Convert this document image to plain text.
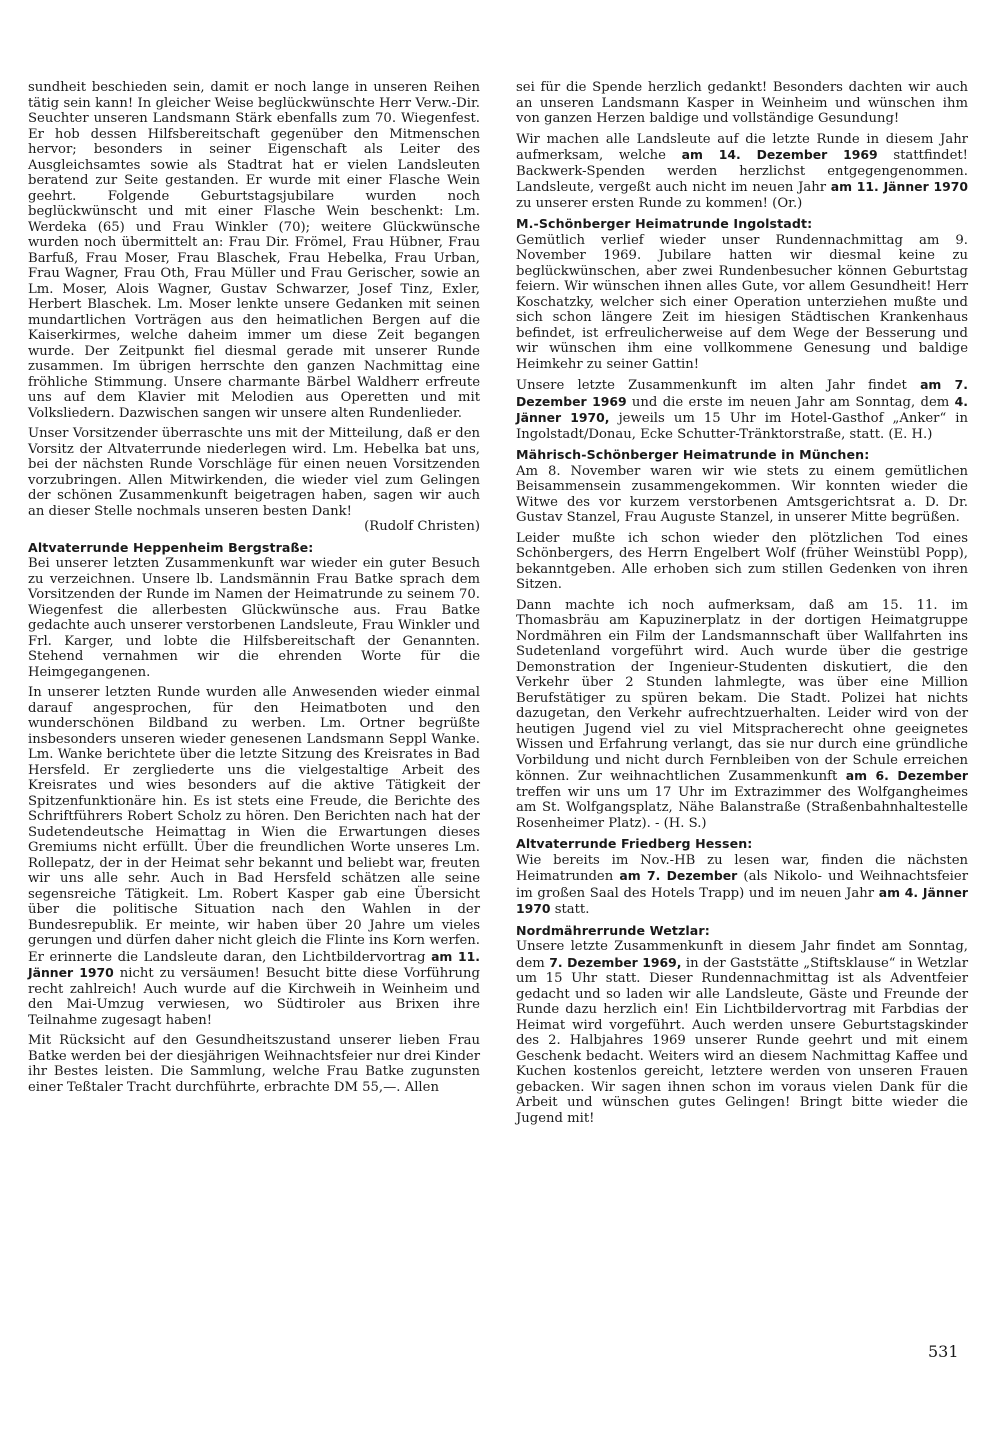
sundheit beschieden sein, damit er noch lange in unseren Reihen tätig sein kann! In gleicher Weise beglückwünschte Herr Verw.-Dir. Seuchter unseren Landsmann Stärk ebenfalls zum 70. Wiegenfest. Er hob dessen Hilfsbereitschaft gegenüber den Mitmenschen hervor; besonders in seiner Eigenschaft als Leiter des Ausgleichsamtes sowie als Stadtrat hat er vielen Landsleuten beratend zur Seite gestanden. Er wurde mit einer Flasche Wein geehrt. Folgende Geburtstagsjubilare wurden noch beglückwünscht und mit einer Flasche Wein beschenkt: Lm. Werdeka (65) und Frau Winkler (70); weitere Glückwünsche wurden noch übermittelt an: Frau Dir. Frömel, Frau Hübner, Frau Barfuß, Frau Moser, Frau Blaschek, Frau Hebelka, Frau Urban, Frau Wagner, Frau Oth, Frau Müller und Frau Gerischer, sowie an Lm. Moser, Alois Wagner, Gustav Schwarzer, Josef Tinz, Exler, Herbert Blaschek. Lm. Moser lenkte unsere Gedanken mit seinen mundartlichen Vorträgen aus den heimatlichen Bergen auf die Kaiserkirmes, welche daheim immer um diese Zeit begangen wurde. Der Zeitpunkt fiel diesmal gerade mit unserer Runde zusammen. Im übrigen herrschte den ganzen Nachmittag eine fröhliche Stimmung. Unsere charmante Bärbel Waldherr erfreute uns auf dem Klavier mit Melodien aus Operetten und mit Volksliedern. Dazwischen sangen wir unsere alten Rundenlieder.

Unser Vorsitzender überraschte uns mit der Mitteilung, daß er den Vorsitz der Altvaterrunde niederlegen wird. Lm. Hebelka bat uns, bei der nächsten Runde Vorschläge für einen neuen Vorsitzenden vorzubringen. Allen Mitwirkenden, die wieder viel zum Gelingen der schönen Zusammenkunft beigetragen haben, sagen wir auch an dieser Stelle nochmals unseren besten Dank!
(Rudolf Christen)

Altvaterrunde Heppenheim Bergstraße:

Bei unserer letzten Zusammenkunft war wieder ein guter Besuch zu verzeichnen. Unsere lb. Landsmännin Frau Batke sprach dem Vorsitzenden der Runde im Namen der Heimatrunde zu seinem 70. Wiegenfest die allerbesten Glückwünsche aus. Frau Batke gedachte auch unserer verstorbenen Landsleute, Frau Winkler und Frl. Karger, und lobte die Hilfsbereitschaft der Genannten. Stehend vernahmen wir die ehrenden Worte für die Heimgegangenen.

In unserer letzten Runde wurden alle Anwesenden wieder einmal darauf angesprochen, für den Heimatboten und den wunderschönen Bildband zu werben. Lm. Ortner begrüßte insbesonders unseren wieder genesenen Landsmann Seppl Wanke. Lm. Wanke berichtete über die letzte Sitzung des Kreisrates in Bad Hersfeld. Er zergliederte uns die vielgestaltige Arbeit des Kreisrates und wies besonders auf die aktive Tätigkeit der Spitzenfunktionäre hin. Es ist stets eine Freude, die Berichte des Schriftführers Robert Scholz zu hören. Den Berichten nach hat der Sudetendeutsche Heimattag in Wien die Erwartungen dieses Gremiums nicht erfüllt. Über die freundlichen Worte unseres Lm. Rollepatz, der in der Heimat sehr bekannt und beliebt war, freuten wir uns alle sehr. Auch in Bad Hersfeld schätzen alle seine segensreiche Tätigkeit. Lm. Robert Kasper gab eine Übersicht über die politische Situation nach den Wahlen in der Bundesrepublik. Er meinte, wir haben über 20 Jahre um vieles gerungen und dürfen daher nicht gleich die Flinte ins Korn werfen. Er erinnerte die Landsleute daran, den Lichtbildervortrag am 11. Jänner 1970 nicht zu versäumen! Besucht bitte diese Vorführung recht zahlreich! Auch wurde auf die Kirchweih in Weinheim und den Mai-Umzug verwiesen, wo Südtiroler aus Brixen ihre Teilnahme zugesagt haben!

Mit Rücksicht auf den Gesundheitszustand unserer lieben Frau Batke werden bei der diesjährigen Weihnachtsfeier nur drei Kinder ihr Bestes leisten. Die Sammlung, welche Frau Batke zugunsten einer Teßtaler Tracht durchführte, erbrachte DM 55,—. Allen

sei für die Spende herzlich gedankt! Besonders dachten wir auch an unseren Landsmann Kasper in Weinheim und wünschen ihm von ganzen Herzen baldige und vollständige Gesundung!

Wir machen alle Landsleute auf die letzte Runde in diesem Jahr aufmerksam, welche am 14. Dezember 1969 stattfindet! Backwerk-Spenden werden herzlichst entgegengenommen. Landsleute, vergeßt auch nicht im neuen Jahr am 11. Jänner 1970 zu unserer ersten Runde zu kommen! (Or.)

M.-Schönberger Heimatrunde Ingolstadt:

Gemütlich verlief wieder unser Rundennachmittag am 9. November 1969. Jubilare hatten wir diesmal keine zu beglückwünschen, aber zwei Rundenbesucher können Geburtstag feiern. Wir wünschen ihnen alles Gute, vor allem Gesundheit! Herr Koschatzky, welcher sich einer Operation unterziehen mußte und sich schon längere Zeit im hiesigen Städtischen Krankenhaus befindet, ist erfreulicherweise auf dem Wege der Besserung und wir wünschen ihm eine vollkommene Genesung und baldige Heimkehr zu seiner Gattin!

Unsere letzte Zusammenkunft im alten Jahr findet am 7. Dezember 1969 und die erste im neuen Jahr am Sonntag, dem 4. Jänner 1970, jeweils um 15 Uhr im Hotel-Gasthof „Anker“ in Ingolstadt/Donau, Ecke Schutter-Tränktorstraße, statt. (E. H.)

Mährisch-Schönberger Heimatrunde in München:

Am 8. November waren wir wie stets zu einem gemütlichen Beisammensein zusammengekommen. Wir konnten wieder die Witwe des vor kurzem verstorbenen Amtsgerichtsrat a. D. Dr. Gustav Stanzel, Frau Auguste Stanzel, in unserer Mitte begrüßen.

Leider mußte ich schon wieder den plötzlichen Tod eines Schönbergers, des Herrn Engelbert Wolf (früher Weinstübl Popp), bekanntgeben. Alle erhoben sich zum stillen Gedenken von ihren Sitzen.

Dann machte ich noch aufmerksam, daß am 15. 11. im Thomasbräu am Kapuzinerplatz in der dortigen Heimatgruppe Nordmähren ein Film der Landsmannschaft über Wallfahrten ins Sudetenland vorgeführt wird. Auch wurde über die gestrige Demonstration der Ingenieur-Studenten diskutiert, die den Verkehr über 2 Stunden lahmlegte, was über eine Million Berufstätiger zu spüren bekam. Die Stadt. Polizei hat nichts dazugetan, den Verkehr aufrechtzuerhalten. Leider wird von der heutigen Jugend viel zu viel Mitspracherecht ohne geeignetes Wissen und Erfahrung verlangt, das sie nur durch eine gründliche Vorbildung und nicht durch Fernbleiben von der Schule erreichen können. Zur weihnachtlichen Zusammenkunft am 6. Dezember treffen wir uns um 17 Uhr im Extrazimmer des Wolfgangheimes am St. Wolfgangsplatz, Nähe Balanstraße (Straßenbahnhaltestelle Rosenheimer Platz). - (H. S.)

Altvaterrunde Friedberg Hessen:

Wie bereits im Nov.-HB zu lesen war, finden die nächsten Heimatrunden am 7. Dezember (als Nikolo- und Weihnachtsfeier im großen Saal des Hotels Trapp) und im neuen Jahr am 4. Jänner 1970 statt.

Nordmährerrunde Wetzlar:

Unsere letzte Zusammenkunft in diesem Jahr findet am Sonntag, dem 7. Dezember 1969, in der Gaststätte „Stiftsklause“ in Wetzlar um 15 Uhr statt. Dieser Rundennachmittag ist als Adventfeier gedacht und so laden wir alle Landsleute, Gäste und Freunde der Runde dazu herzlich ein! Ein Lichtbildervortrag mit Farbdias der Heimat wird vorgeführt. Auch werden unsere Geburtstagskinder des 2. Halbjahres 1969 unserer Runde geehrt und mit einem Geschenk bedacht. Weiters wird an diesem Nachmittag Kaffee und Kuchen kostenlos gereicht, letztere werden von unseren Frauen gebacken. Wir sagen ihnen schon im voraus vielen Dank für die Arbeit und wünschen gutes Gelingen! Bringt bitte wieder die Jugend mit!

531
